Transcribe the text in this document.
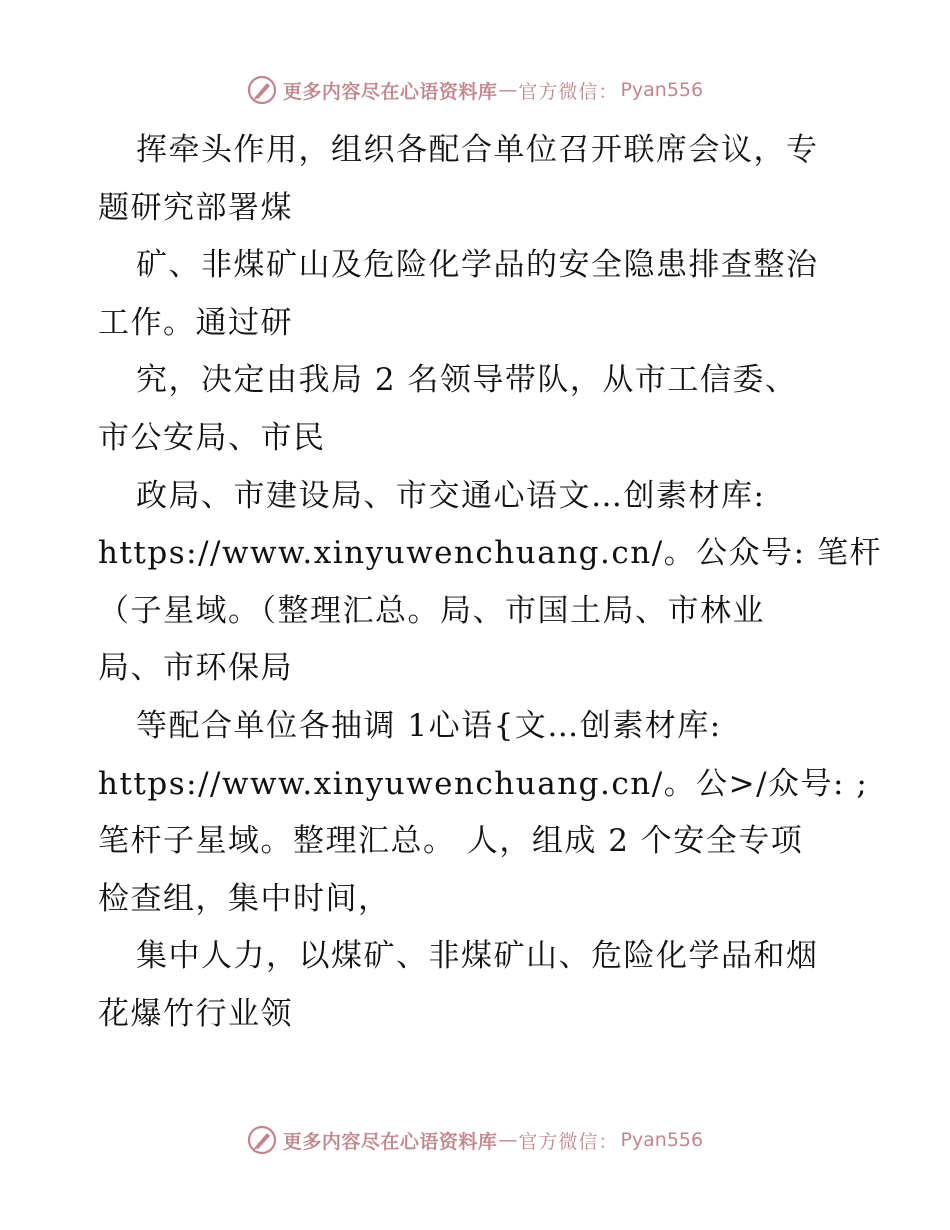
更多内容尽在心语资料库 — 官方微信： Pyan556
挥牵头作用，组织各配合单位召开联席会议，专
题研究部署煤
矿、非煤矿山及危险化学品的安全隐患排查整治
工作。通过研
究，决定由我局 2 名领导带队，从市工信委、
市公安局、市民
政局、市建设局、市交通心语文…创素材库:
https://www.xinyuwenchuang.cn/。公众号: 笔杆
（子星域。（整理汇总。局、市国土局、市林业
局、市环保局
等配合单位各抽调 1心语{文…创素材库:
https://www.xinyuwenchuang.cn/。公>/众号: ;
笔杆子星域。整理汇总。 人，组成 2 个安全专项
检查组，集中时间，
集中人力，以煤矿、非煤矿山、危险化学品和烟
花爆竹行业领
更多内容尽在心语资料库 — 官方微信： Pyan556
